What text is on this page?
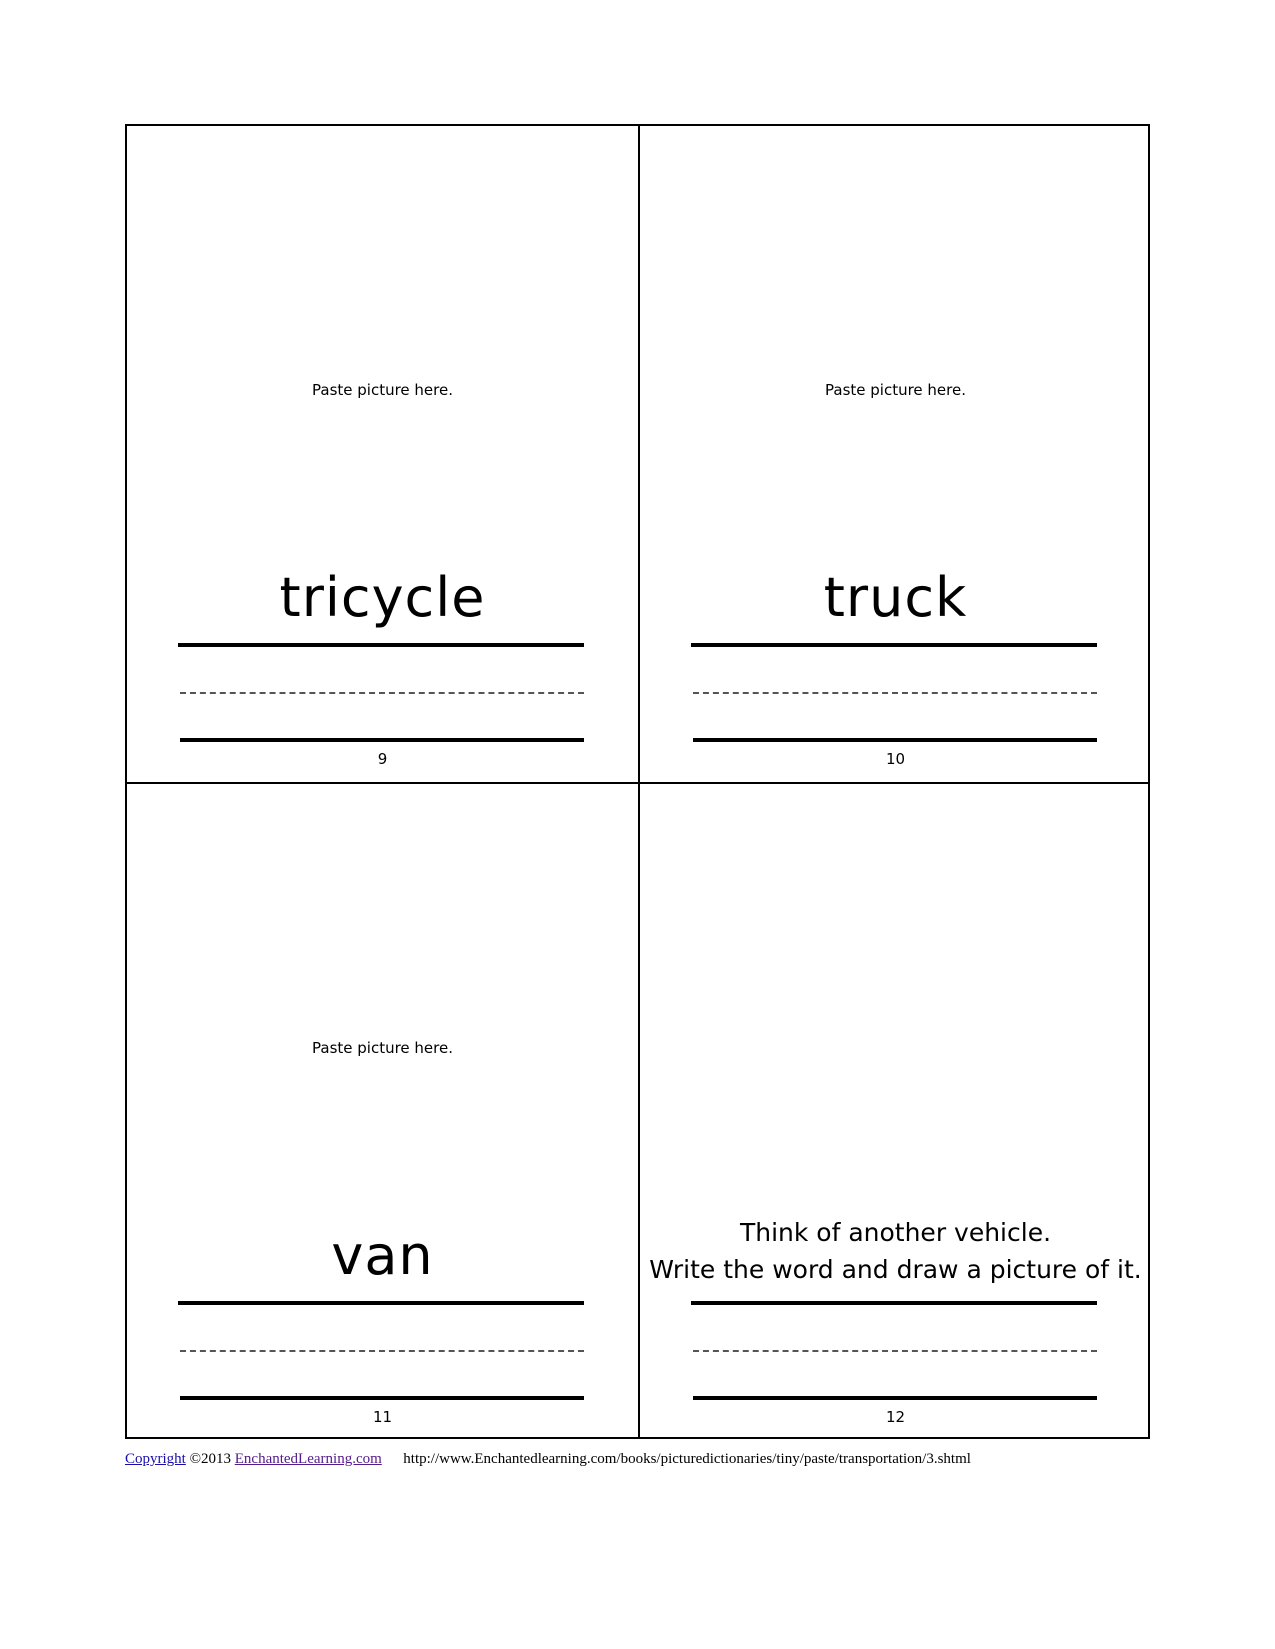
Paste picture here.
tricycle
9
Paste picture here.
truck
10
Paste picture here.
van
11
Think of another vehicle.
Write the word and draw a picture of it.
12
Copyright ©2013 EnchantedLearning.com http://www.Enchantedlearning.com/books/picturedictionaries/tiny/paste/transportation/3.shtml
